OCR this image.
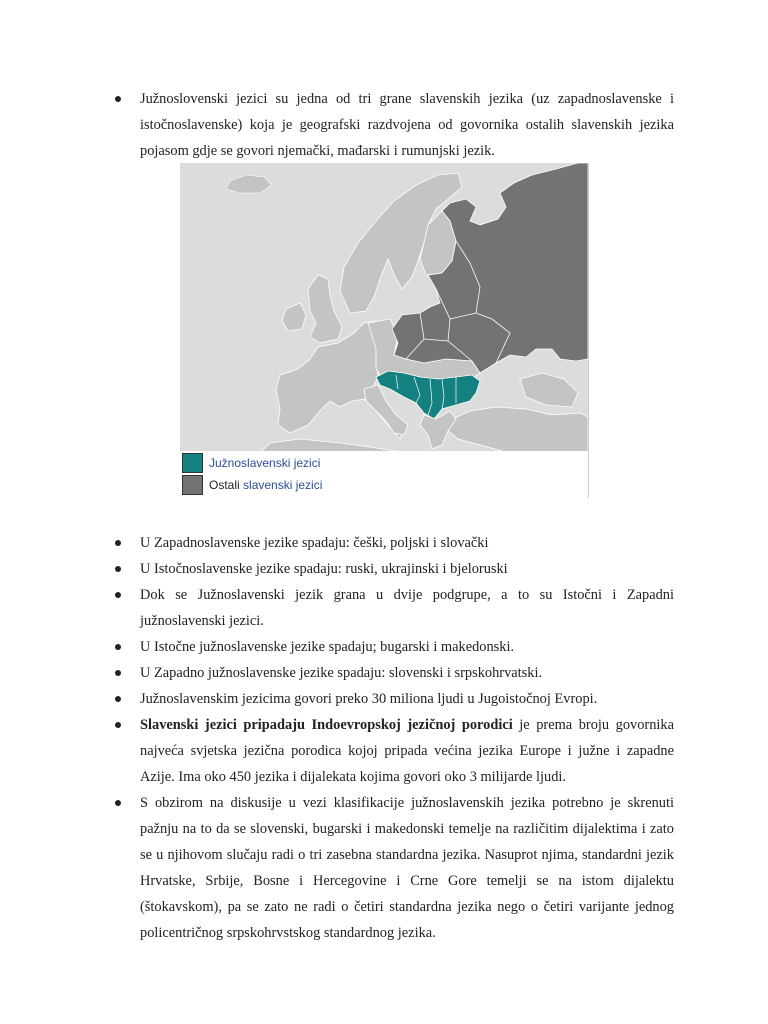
Južnoslovenski jezici su jedna od tri grane slavenskih jezika (uz zapadnoslavenske i istočnoslavenske) koja je geografski razdvojena od govornika ostalih slavenskih jezika pojasom gdje se govori njemački, mađarski i rumunjski jezik.
Južnoslavenski jezici
Ostali slavenski jezici
U Zapadnoslavenske jezike spadaju: češki, poljski i slovački
U Istočnoslavenske jezike spadaju: ruski, ukrajinski i bjeloruski
Dok se Južnoslavenski jezik grana u dvije podgrupe, a to su Istočni i Zapadni južnoslavenski jezici.
U Istočne južnoslavenske jezike spadaju; bugarski i makedonski.
U Zapadno južnoslavenske jezike spadaju: slovenski i srpskohrvatski.
Južnoslavenskim jezicima govori preko 30 miliona ljudi u Jugoistočnoj Evropi.
Slavenski jezici pripadaju Indoevropskoj jezičnoj porodici je prema broju govornika najveća svjetska jezična porodica kojoj pripada većina jezika Europe i južne i zapadne Azije. Ima oko 450 jezika i dijalekata kojima govori oko 3 milijarde ljudi.
S obzirom na diskusije u vezi klasifikacije južnoslavenskih jezika potrebno je skrenuti pažnju na to da se slovenski, bugarski i makedonski temelje na različitim dijalektima i zato se u njihovom slučaju radi o tri zasebna standardna jezika. Nasuprot njima, standardni jezik Hrvatske, Srbije, Bosne i Hercegovine i Crne Gore temelji se na istom dijalektu (štokavskom), pa se zato ne radi o četiri standardna jezika nego o četiri varijante jednog policentričnog srpskohrvstskog standardnog jezika.
